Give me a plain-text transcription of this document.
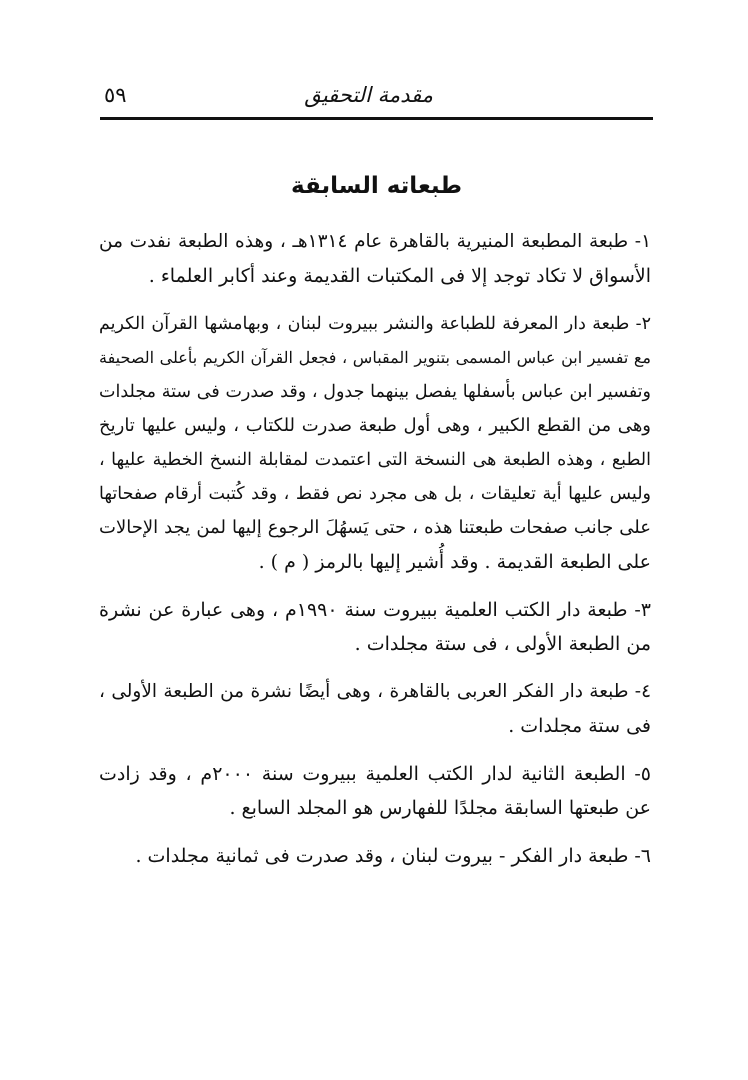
مقدمة التحقيق
٥٩
طبعاته السابقة

١- طبعة المطبعة المنيرية بالقاهرة عام ١٣١٤هـ ، وهذه الطبعة نفدت من
الأسواق لا تكاد توجد إلا فى المكتبات القديمة وعند أكابر العلماء .

٢- طبعة دار المعرفة للطباعة والنشر ببيروت لبنان ، وبهامشها القرآن الكريم
مع تفسير ابن عباس المسمى بتنوير المقباس ، فجعل القرآن الكريم بأعلى الصحيفة
وتفسير ابن عباس بأسفلها يفصل بينهما جدول ، وقد صدرت فى ستة مجلدات
وهى من القطع الكبير ، وهى أول طبعة صدرت للكتاب ، وليس عليها تاريخ
الطبع ، وهذه الطبعة هى النسخة التى اعتمدت لمقابلة النسخ الخطية عليها ،
وليس عليها أية تعليقات ، بل هى مجرد نص فقط ، وقد كُتبت أرقام صفحاتها
على جانب صفحات طبعتنا هذه ، حتى يَسهُلَ الرجوع إليها لمن يجد الإحالات
على الطبعة القديمة . وقد أُشير إليها بالرمز ( م ) .

٣- طبعة دار الكتب العلمية ببيروت سنة ١٩٩٠م ، وهى عبارة عن نشرة
من الطبعة الأولى ، فى ستة مجلدات .

٤- طبعة دار الفكر العربى بالقاهرة ، وهى أيضًا نشرة من الطبعة الأولى ،
فى ستة مجلدات .

٥- الطبعة الثانية لدار الكتب العلمية ببيروت سنة ٢٠٠٠م ، وقد زادت
عن طبعتها السابقة مجلدًا للفهارس هو المجلد السابع .

٦- طبعة دار الفكر - بيروت لبنان ، وقد صدرت فى ثمانية مجلدات .
